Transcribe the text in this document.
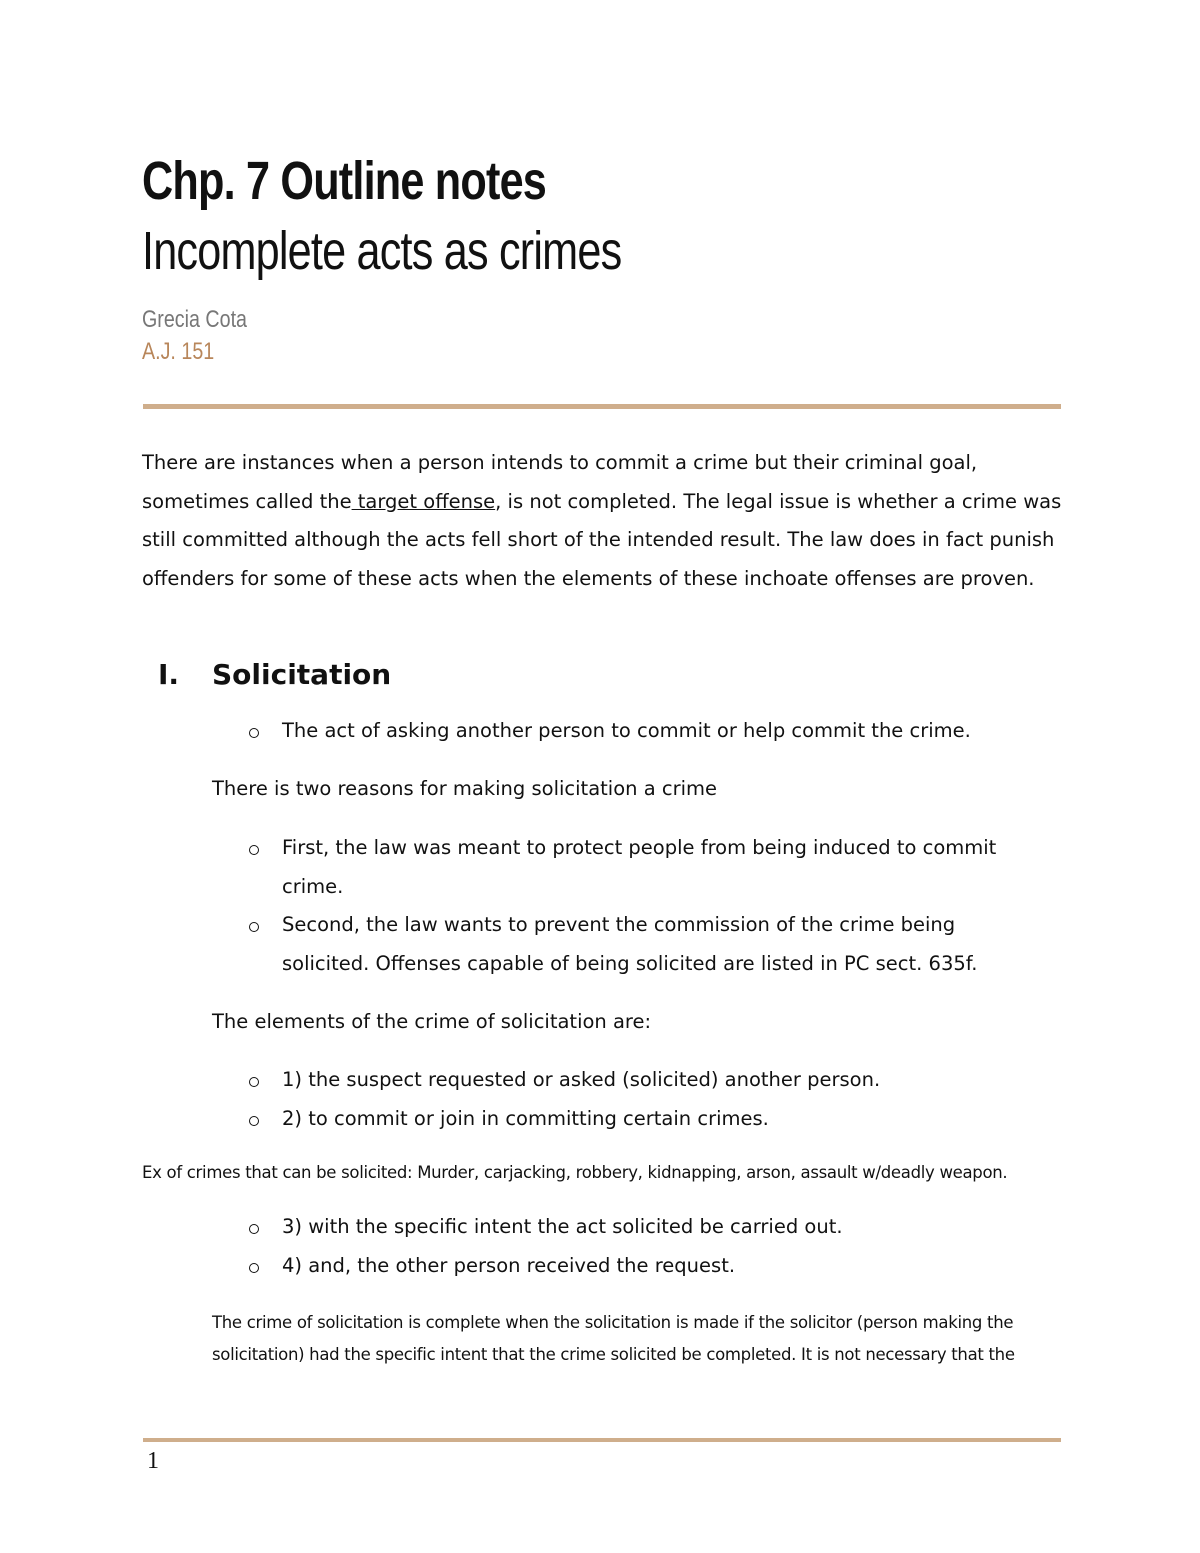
Chp. 7 Outline notes
Incomplete acts as crimes
Grecia Cota
A.J. 151

There are instances when a person intends to commit a crime but their criminal goal, sometimes called the target offense, is not completed. The legal issue is whether a crime was still committed although the acts fell short of the intended result. The law does in fact punish offenders for some of these acts when the elements of these inchoate offenses are proven.

I. Solicitation
The act of asking another person to commit or help commit the crime.

There is two reasons for making solicitation a crime

First, the law was meant to protect people from being induced to commit crime.
Second, the law wants to prevent the commission of the crime being solicited. Offenses capable of being solicited are listed in PC sect. 635f.

The elements of the crime of solicitation are:

1) the suspect requested or asked (solicited) another person.
2) to commit or join in committing certain crimes.

Ex of crimes that can be solicited: Murder, carjacking, robbery, kidnapping, arson, assault w/deadly weapon.

3) with the specific intent the act solicited be carried out.
4) and, the other person received the request.

The crime of solicitation is complete when the solicitation is made if the solicitor (person making the solicitation) had the specific intent that the crime solicited be completed. It is not necessary that the

1
